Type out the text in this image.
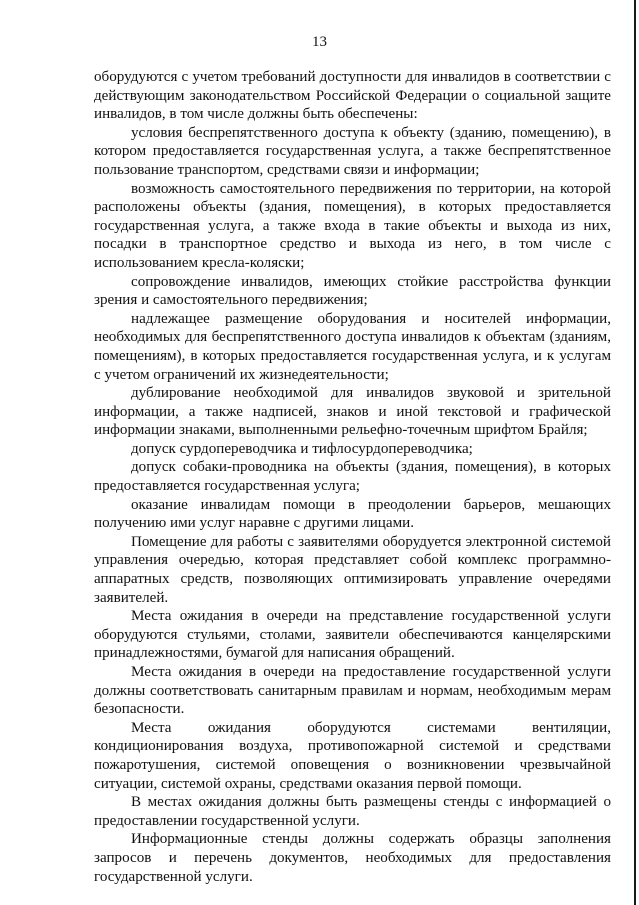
13

оборудуются с учетом требований доступности для инвалидов в соответствии с действующим законодательством Российской Федерации о социальной защите инвалидов, в том числе должны быть обеспечены:

условия беспрепятственного доступа к объекту (зданию, помещению), в котором предоставляется государственная услуга, а также беспрепятственное пользование транспортом, средствами связи и информации;

возможность самостоятельного передвижения по территории, на которой расположены объекты (здания, помещения), в которых предоставляется государственная услуга, а также входа в такие объекты и выхода из них, посадки в транспортное средство и выхода из него, в том числе с использованием кресла-коляски;

сопровождение инвалидов, имеющих стойкие расстройства функции зрения и самостоятельного передвижения;

надлежащее размещение оборудования и носителей информации, необходимых для беспрепятственного доступа инвалидов к объектам (зданиям, помещениям), в которых предоставляется государственная услуга, и к услугам с учетом ограничений их жизнедеятельности;

дублирование необходимой для инвалидов звуковой и зрительной информации, а также надписей, знаков и иной текстовой и графической информации знаками, выполненными рельефно-точечным шрифтом Брайля;

допуск сурдопереводчика и тифлосурдопереводчика;

допуск собаки-проводника на объекты (здания, помещения), в которых предоставляется государственная услуга;

оказание инвалидам помощи в преодолении барьеров, мешающих получению ими услуг наравне с другими лицами.

Помещение для работы с заявителями оборудуется электронной системой управления очередью, которая представляет собой комплекс программно-аппаратных средств, позволяющих оптимизировать управление очередями заявителей.

Места ожидания в очереди на представление государственной услуги оборудуются стульями, столами, заявители обеспечиваются канцелярскими принадлежностями, бумагой для написания обращений.

Места ожидания в очереди на предоставление государственной услуги должны соответствовать санитарным правилам и нормам, необходимым мерам безопасности.

Места ожидания оборудуются системами вентиляции, кондиционирования воздуха, противопожарной системой и средствами пожаротушения, системой оповещения о возникновении чрезвычайной ситуации, системой охраны, средствами оказания первой помощи.

В местах ожидания должны быть размещены стенды с информацией о предоставлении государственной услуги.

Информационные стенды должны содержать образцы заполнения запросов и перечень документов, необходимых для предоставления государственной услуги.
